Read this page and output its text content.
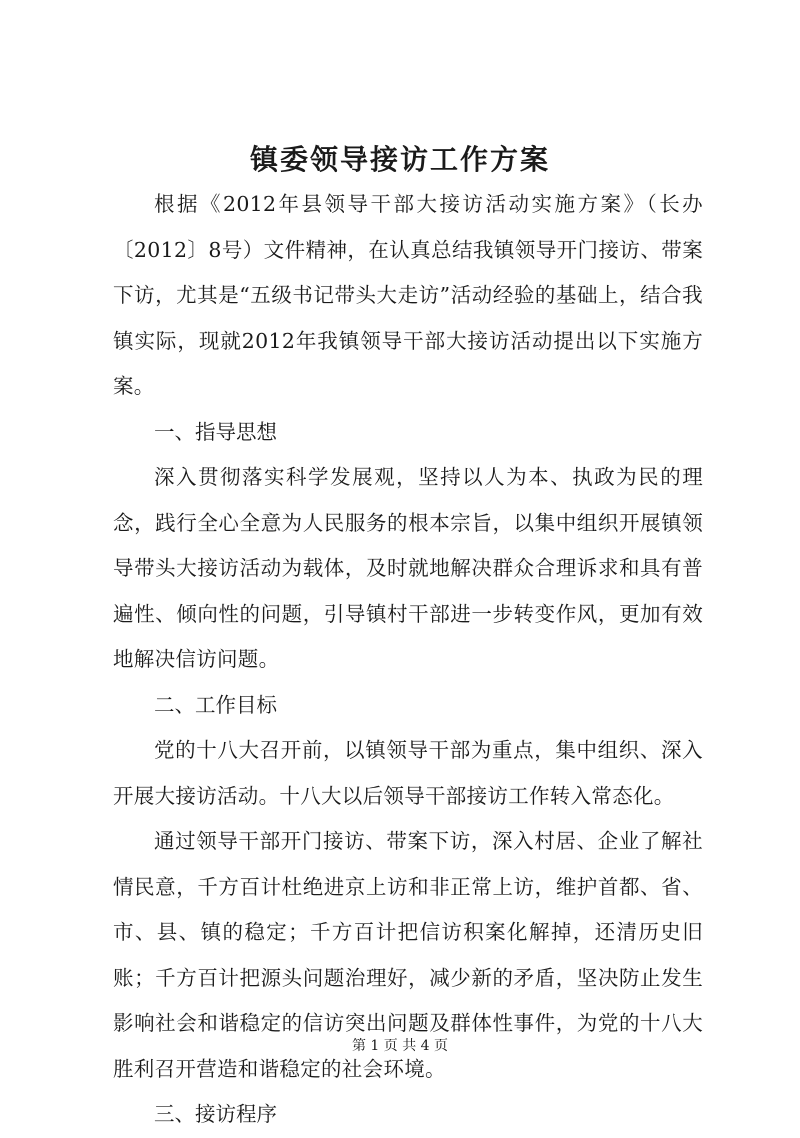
镇委领导接访工作方案

根据《2012年县领导干部大接访活动实施方案》（长办〔2012〕8号）文件精神，在认真总结我镇领导开门接访、带案下访，尤其是“五级书记带头大走访”活动经验的基础上，结合我镇实际，现就2012年我镇领导干部大接访活动提出以下实施方案。

一、指导思想

深入贯彻落实科学发展观，坚持以人为本、执政为民的理念，践行全心全意为人民服务的根本宗旨，以集中组织开展镇领导带头大接访活动为载体，及时就地解决群众合理诉求和具有普遍性、倾向性的问题，引导镇村干部进一步转变作风，更加有效地解决信访问题。

二、工作目标

党的十八大召开前，以镇领导干部为重点，集中组织、深入开展大接访活动。十八大以后领导干部接访工作转入常态化。

通过领导干部开门接访、带案下访，深入村居、企业了解社情民意，千方百计杜绝进京上访和非正常上访，维护首都、省、市、县、镇的稳定；千方百计把信访积案化解掉，还清历史旧账；千方百计把源头问题治理好，减少新的矛盾，坚决防止发生影响社会和谐稳定的信访突出问题及群体性事件，为党的十八大胜利召开营造和谐稳定的社会环境。

三、接访程序

第 1 页 共 4 页
